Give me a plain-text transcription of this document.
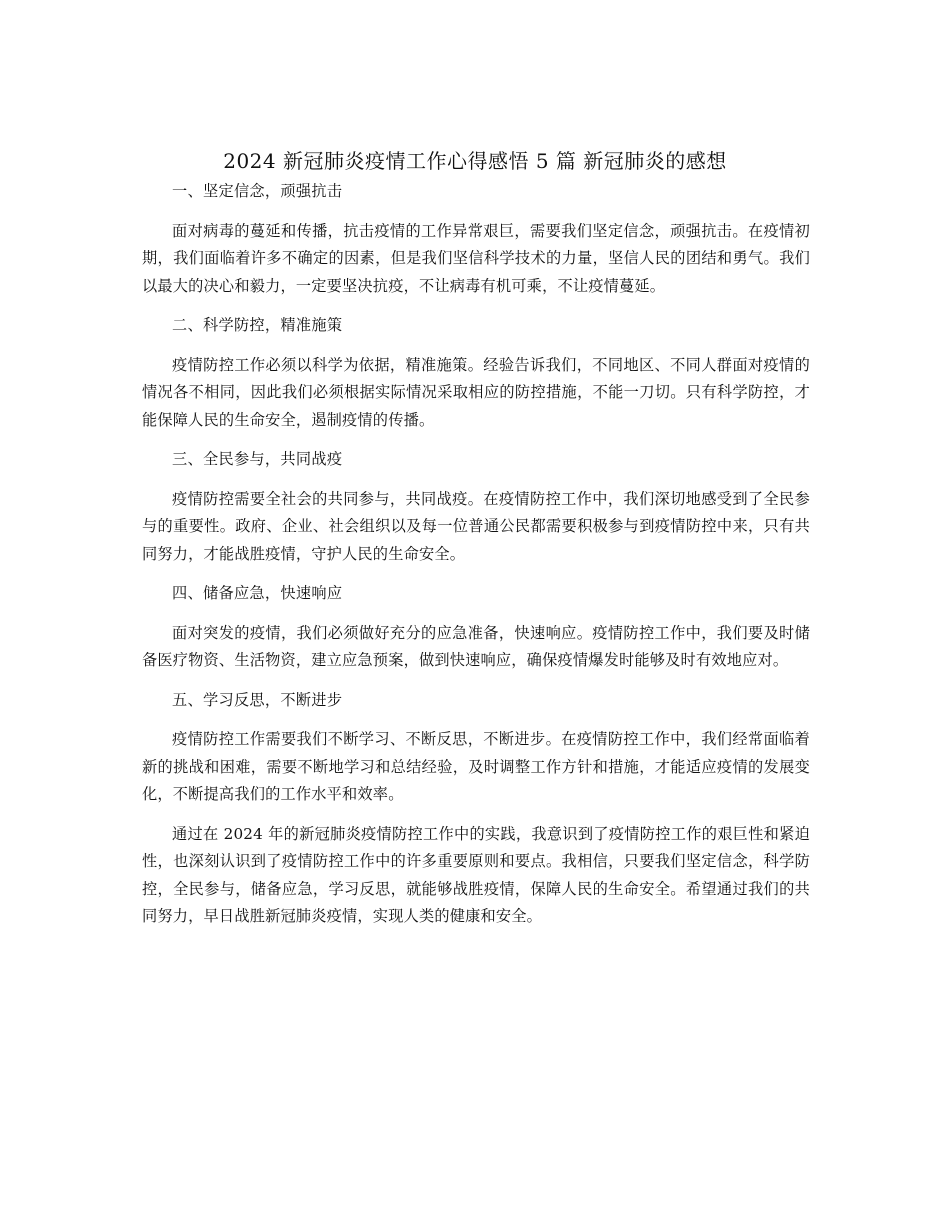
2024 新冠肺炎疫情工作心得感悟 5 篇 新冠肺炎的感想

一、坚定信念，顽强抗击

面对病毒的蔓延和传播，抗击疫情的工作异常艰巨，需要我们坚定信念，顽强抗击。在疫情初期，我们面临着许多不确定的因素，但是我们坚信科学技术的力量，坚信人民的团结和勇气。我们以最大的决心和毅力，一定要坚决抗疫，不让病毒有机可乘，不让疫情蔓延。

二、科学防控，精准施策

疫情防控工作必须以科学为依据，精准施策。经验告诉我们，不同地区、不同人群面对疫情的情况各不相同，因此我们必须根据实际情况采取相应的防控措施，不能一刀切。只有科学防控，才能保障人民的生命安全，遏制疫情的传播。

三、全民参与，共同战疫

疫情防控需要全社会的共同参与，共同战疫。在疫情防控工作中，我们深切地感受到了全民参与的重要性。政府、企业、社会组织以及每一位普通公民都需要积极参与到疫情防控中来，只有共同努力，才能战胜疫情，守护人民的生命安全。

四、储备应急，快速响应

面对突发的疫情，我们必须做好充分的应急准备，快速响应。疫情防控工作中，我们要及时储备医疗物资、生活物资，建立应急预案，做到快速响应，确保疫情爆发时能够及时有效地应对。

五、学习反思，不断进步

疫情防控工作需要我们不断学习、不断反思，不断进步。在疫情防控工作中，我们经常面临着新的挑战和困难，需要不断地学习和总结经验，及时调整工作方针和措施，才能适应疫情的发展变化，不断提高我们的工作水平和效率。

通过在 2024 年的新冠肺炎疫情防控工作中的实践，我意识到了疫情防控工作的艰巨性和紧迫性，也深刻认识到了疫情防控工作中的许多重要原则和要点。我相信，只要我们坚定信念，科学防控，全民参与，储备应急，学习反思，就能够战胜疫情，保障人民的生命安全。希望通过我们的共同努力，早日战胜新冠肺炎疫情，实现人类的健康和安全。
